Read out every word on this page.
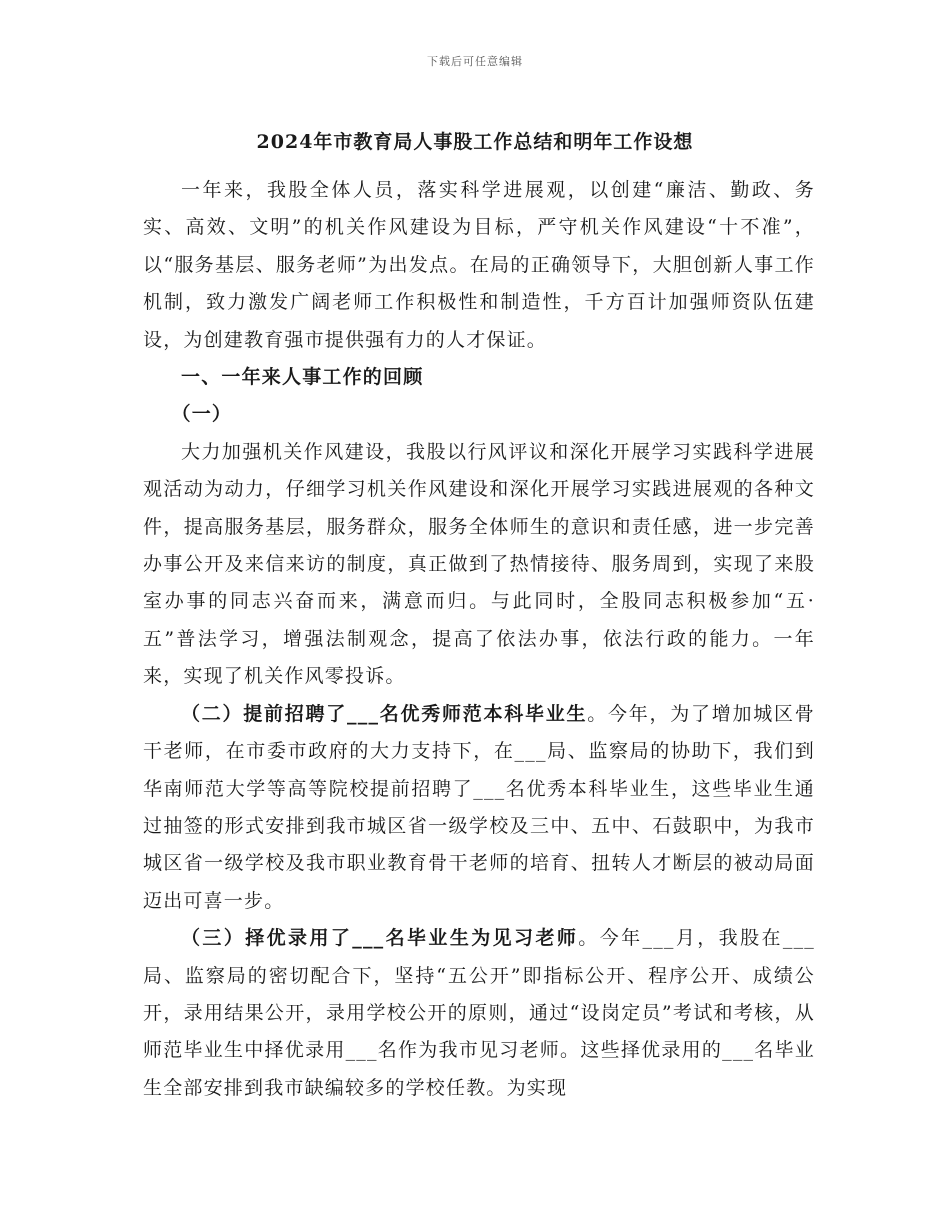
下载后可任意编辑
2024年市教育局人事股工作总结和明年工作设想

一年来，我股全体人员，落实科学进展观，以创建“廉洁、勤政、务实、高效、文明”的机关作风建设为目标，严守机关作风建设“十不准”，以“服务基层、服务老师”为出发点。在局的正确领导下，大胆创新人事工作机制，致力激发广阔老师工作积极性和制造性，千方百计加强师资队伍建设，为创建教育强市提供强有力的人才保证。

一、一年来人事工作的回顾

（一）

大力加强机关作风建设，我股以行风评议和深化开展学习实践科学进展观活动为动力，仔细学习机关作风建设和深化开展学习实践进展观的各种文件，提高服务基层，服务群众，服务全体师生的意识和责任感，进一步完善办事公开及来信来访的制度，真正做到了热情接待、服务周到，实现了来股室办事的同志兴奋而来，满意而归。与此同时，全股同志积极参加“五·五”普法学习，增强法制观念，提高了依法办事，依法行政的能力。一年来，实现了机关作风零投诉。

（二）提前招聘了___名优秀师范本科毕业生。今年，为了增加城区骨干老师，在市委市政府的大力支持下，在___局、监察局的协助下，我们到华南师范大学等高等院校提前招聘了___名优秀本科毕业生，这些毕业生通过抽签的形式安排到我市城区省一级学校及三中、五中、石鼓职中，为我市城区省一级学校及我市职业教育骨干老师的培育、扭转人才断层的被动局面迈出可喜一步。

（三）择优录用了___名毕业生为见习老师。今年___月，我股在___局、监察局的密切配合下，坚持“五公开”即指标公开、程序公开、成绩公开，录用结果公开，录用学校公开的原则，通过“设岗定员”考试和考核，从师范毕业生中择优录用___名作为我市见习老师。这些择优录用的___名毕业生全部安排到我市缺编较多的学校任教。为实现
